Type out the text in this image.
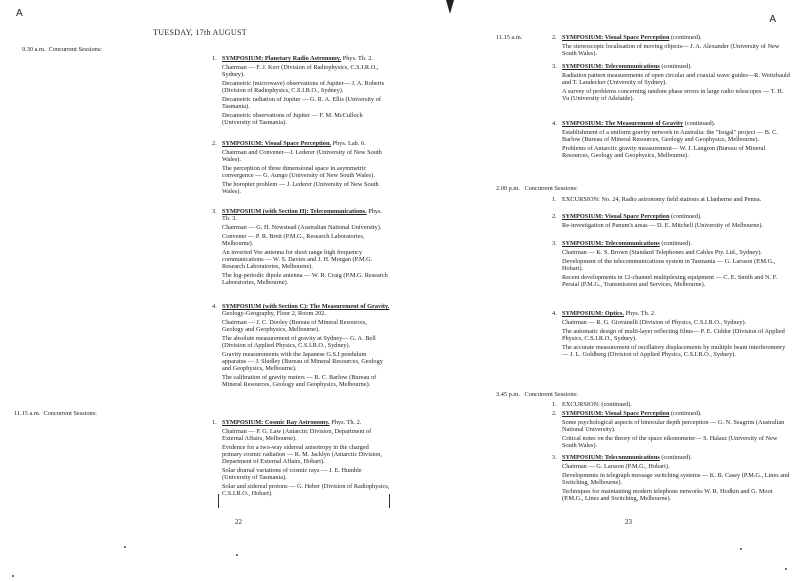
A
TUESDAY, 17th AUGUST
9.30 a.m. Concurrent Sessions:
1. SYMPOSIUM: Planetary Radio Astronomy. Phys. Th. 2.

Chairman — F. J. Kerr (Division of Radiophysics, C.S.I.R.O., Sydney).

Decametric (microwave) observations of Jupiter— J. A. Roberts (Division of Radiophysics, C.S.I.R.O., Sydney).

Decametric radiation of Jupiter — G. R. A. Ellis (University of Tasmania).

Decametric observations of Jupiter — F. M. McCulloch (University of Tasmania).

2. SYMPOSIUM: Visual Space Perception. Phys. Lab. 6.

Chairman and Convener—J. Lederer (University of New South Wales).

The perception of three dimensional space in asymmetric convergence — G. Aungo (University of New South Wales).

The horopter problem — J. Lederer (University of New South Wales).

3. SYMPOSIUM (with Section H): Telecommunications. Phys. Th. 3.

Chairman — G. H. Newstead (Australian National University).

Convener — P. R. Brett (P.M.G., Research Laboratories, Melbourne).

An inverted Vee antenna for short range high frequency communications — W. S. Davies and J. H. Morgan (P.M.G. Research Laboratories, Melbourne).

The log-periodic dipole antenna — W. R. Craig (P.M.G. Research Laboratories, Melbourne).

4. SYMPOSIUM (with Section C): The Measurement of Gravity. Geology-Geography, Floor 2, Room 202.

Chairman — J. C. Dooley (Bureau of Mineral Resources, Geology and Geophysics, Melbourne).

The absolute measurement of gravity at Sydney— G. A. Bell (Division of Applied Physics, C.S.I.R.O., Sydney).

Gravity measurements with the Japanese G.S.I pendulum apparatus — J. Sludley (Bureau of Mineral Resources, Geology and Geophysics, Melbourne).

The calibration of gravity meters — B. C. Barlow (Bureau of Mineral Resources, Geology and Geophysics, Melbourne).

11.15 a.m. Concurrent Sessions:
1. SYMPOSIUM: Cosmic Ray Astronomy. Phys. Th. 2.

Chairman — P. G. Law (Antarctic Division, Department of External Affairs, Melbourne).

Evidence for a two-way sidereal anisotropy in the charged primary cosmic radiation — R. M. Jacklyn (Antarctic Division, Department of External Affairs, Hobart).

Solar diurnal variations of cosmic rays — J. E. Humble (University of Tasmania).

Solar and sidereal protons — G. Heber (Division of Radiophysics, C.S.I.R.O., Hobart).

22
A
11.15 a.m.	2. SYMPOSIUM: Visual Space Perception (continued).

The stereoscopic localisation of moving objects— J. A. Alexander (University of New South Wales).

3. SYMPOSIUM: Telecommunications (continued).

Radiation pattern measurements of open circular and coaxial wave guides—R. Weitzbauld and T. Landecker (University of Sydney).

A survey of problems concerning random phase errors in large radio telescopes — T. H. Vu (University of Adelaide).

4. SYMPOSIUM: The Measurement of Gravity (continued).

Establishment of a uniform gravity network in Australia: the "Isogal" project — B. C. Barlow (Bureau of Mineral Resources, Geology and Geophysics, Melbourne).

Problems of Antarctic gravity measurement— W. J. Langron (Bureau of Mineral Resources, Geology and Geophysics, Melbourne).

2.00 p.m. Concurrent Sessions:
1. EXCURSION: No. 24, Radio astronomy field stations at Llanherne and Penna.

2. SYMPOSIUM: Visual Space Perception (continued).

Re-investigation of Panum's areas — D. E. Mitchell (University of Melbourne).

3. SYMPOSIUM: Telecommunications (continued).

Chairman — K. S. Brown (Standard Telephones and Cables Pty. Ltd., Sydney).

Development of the telecommunications system in Tasmania — G. Larsson (P.M.G., Hobart).

Recent developments in 12-channel multiplexing equipment — C. E. Smith and N. F. Persial (P.M.G., Transmission and Services, Melbourne).

4. SYMPOSIUM: Optics. Phys. Th. 2.

Chairman — R. G. Giovanelli (Division of Physics, C.S.I.R.O., Sydney).

The automatic design of multi-layer reflecting films— P. E. Ciddor (Division of Applied Physics, C.S.I.R.O., Sydney).

The accurate measurement of oscillatory displacements by multiple beam interferometry — J. L. Goldberg (Division of Applied Physics, C.S.I.R.O., Sydney).

3.45 p.m. Concurrent Sessions:
1. EXCURSION: (continued).

2. SYMPOSIUM: Visual Space Perception (continued).

Some psychological aspects of binocular depth perception — G. N. Seagrim (Australian National University).

Critical notes on the theory of the space eikonometer— S. Halasz (University of New South Wales).

3. SYMPOSIUM: Telecommunications (continued).

Chairman — G. Larsson (P.M.G., Hobart).

Developments in telegraph message switching systems — K. B. Casey (P.M.G., Lines and Switching, Melbourne).

Techniques for maintaining modern telephone networks W. R. Hodkin and G. Moot (P.M.G., Lines and Switching, Melbourne).

23
